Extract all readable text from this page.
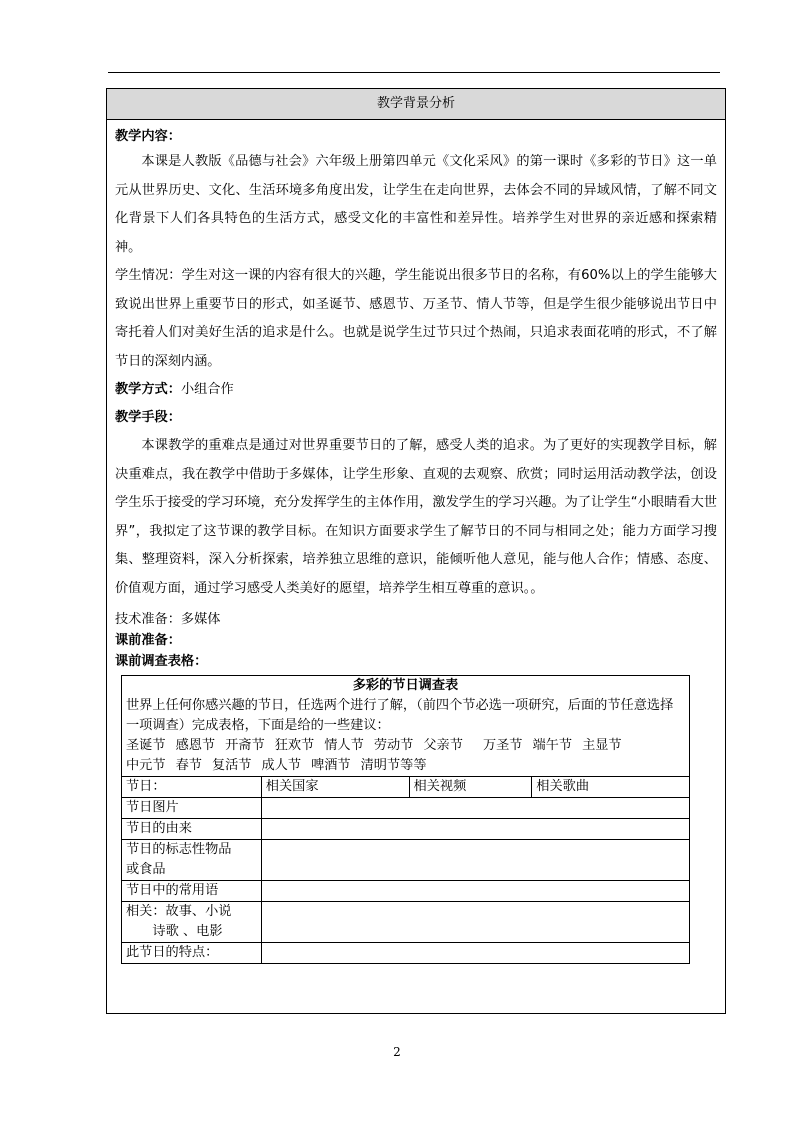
教学背景分析

教学内容：

本课是人教版《品德与社会》六年级上册第四单元《文化采风》的第一课时《多彩的节日》这一单元从世界历史、文化、生活环境多角度出发，让学生在走向世界，去体会不同的异域风情，了解不同文化背景下人们各具特色的生活方式，感受文化的丰富性和差异性。培养学生对世界的亲近感和探索精神。

学生情况：学生对这一课的内容有很大的兴趣，学生能说出很多节日的名称，有60%以上的学生能够大致说出世界上重要节日的形式，如圣诞节、感恩节、万圣节、情人节等，但是学生很少能够说出节日中寄托着人们对美好生活的追求是什么。也就是说学生过节只过个热闹，只追求表面花哨的形式，不了解节日的深刻内涵。

教学方式：小组合作

教学手段：

本课教学的重难点是通过对世界重要节日的了解，感受人类的追求。为了更好的实现教学目标，解决重难点，我在教学中借助于多媒体，让学生形象、直观的去观察、欣赏；同时运用活动教学法，创设学生乐于接受的学习环境，充分发挥学生的主体作用，激发学生的学习兴趣。为了让学生“小眼睛看大世界”，我拟定了这节课的教学目标。在知识方面要求学生了解节日的不同与相同之处；能力方面学习搜集、整理资料，深入分析探索，培养独立思维的意识，能倾听他人意见，能与他人合作；情感、态度、价值观方面，通过学习感受人类美好的愿望，培养学生相互尊重的意识。。

技术准备：多媒体

课前准备：

课前调查表格：

多彩的节日调查表
世界上任何你感兴趣的节日，任选两个进行了解，（前四个节必选一项研究，后面的节任意选择一项调查）完成表格，下面是给的一些建议：
圣诞节 感恩节 开斋节 狂欢节 情人节 劳动节 父亲节 万圣节 端午节 主显节
中元节 春节 复活节 成人节 啤酒节 清明节等等			

节日：	相关国家	相关视频	相关歌曲
节日图片			
节日的由来			

节日的标志性物品
或食品			

节日中的常用语			

相关：故事、小说
诗歌 、电影			

此节日的特点：			
2
